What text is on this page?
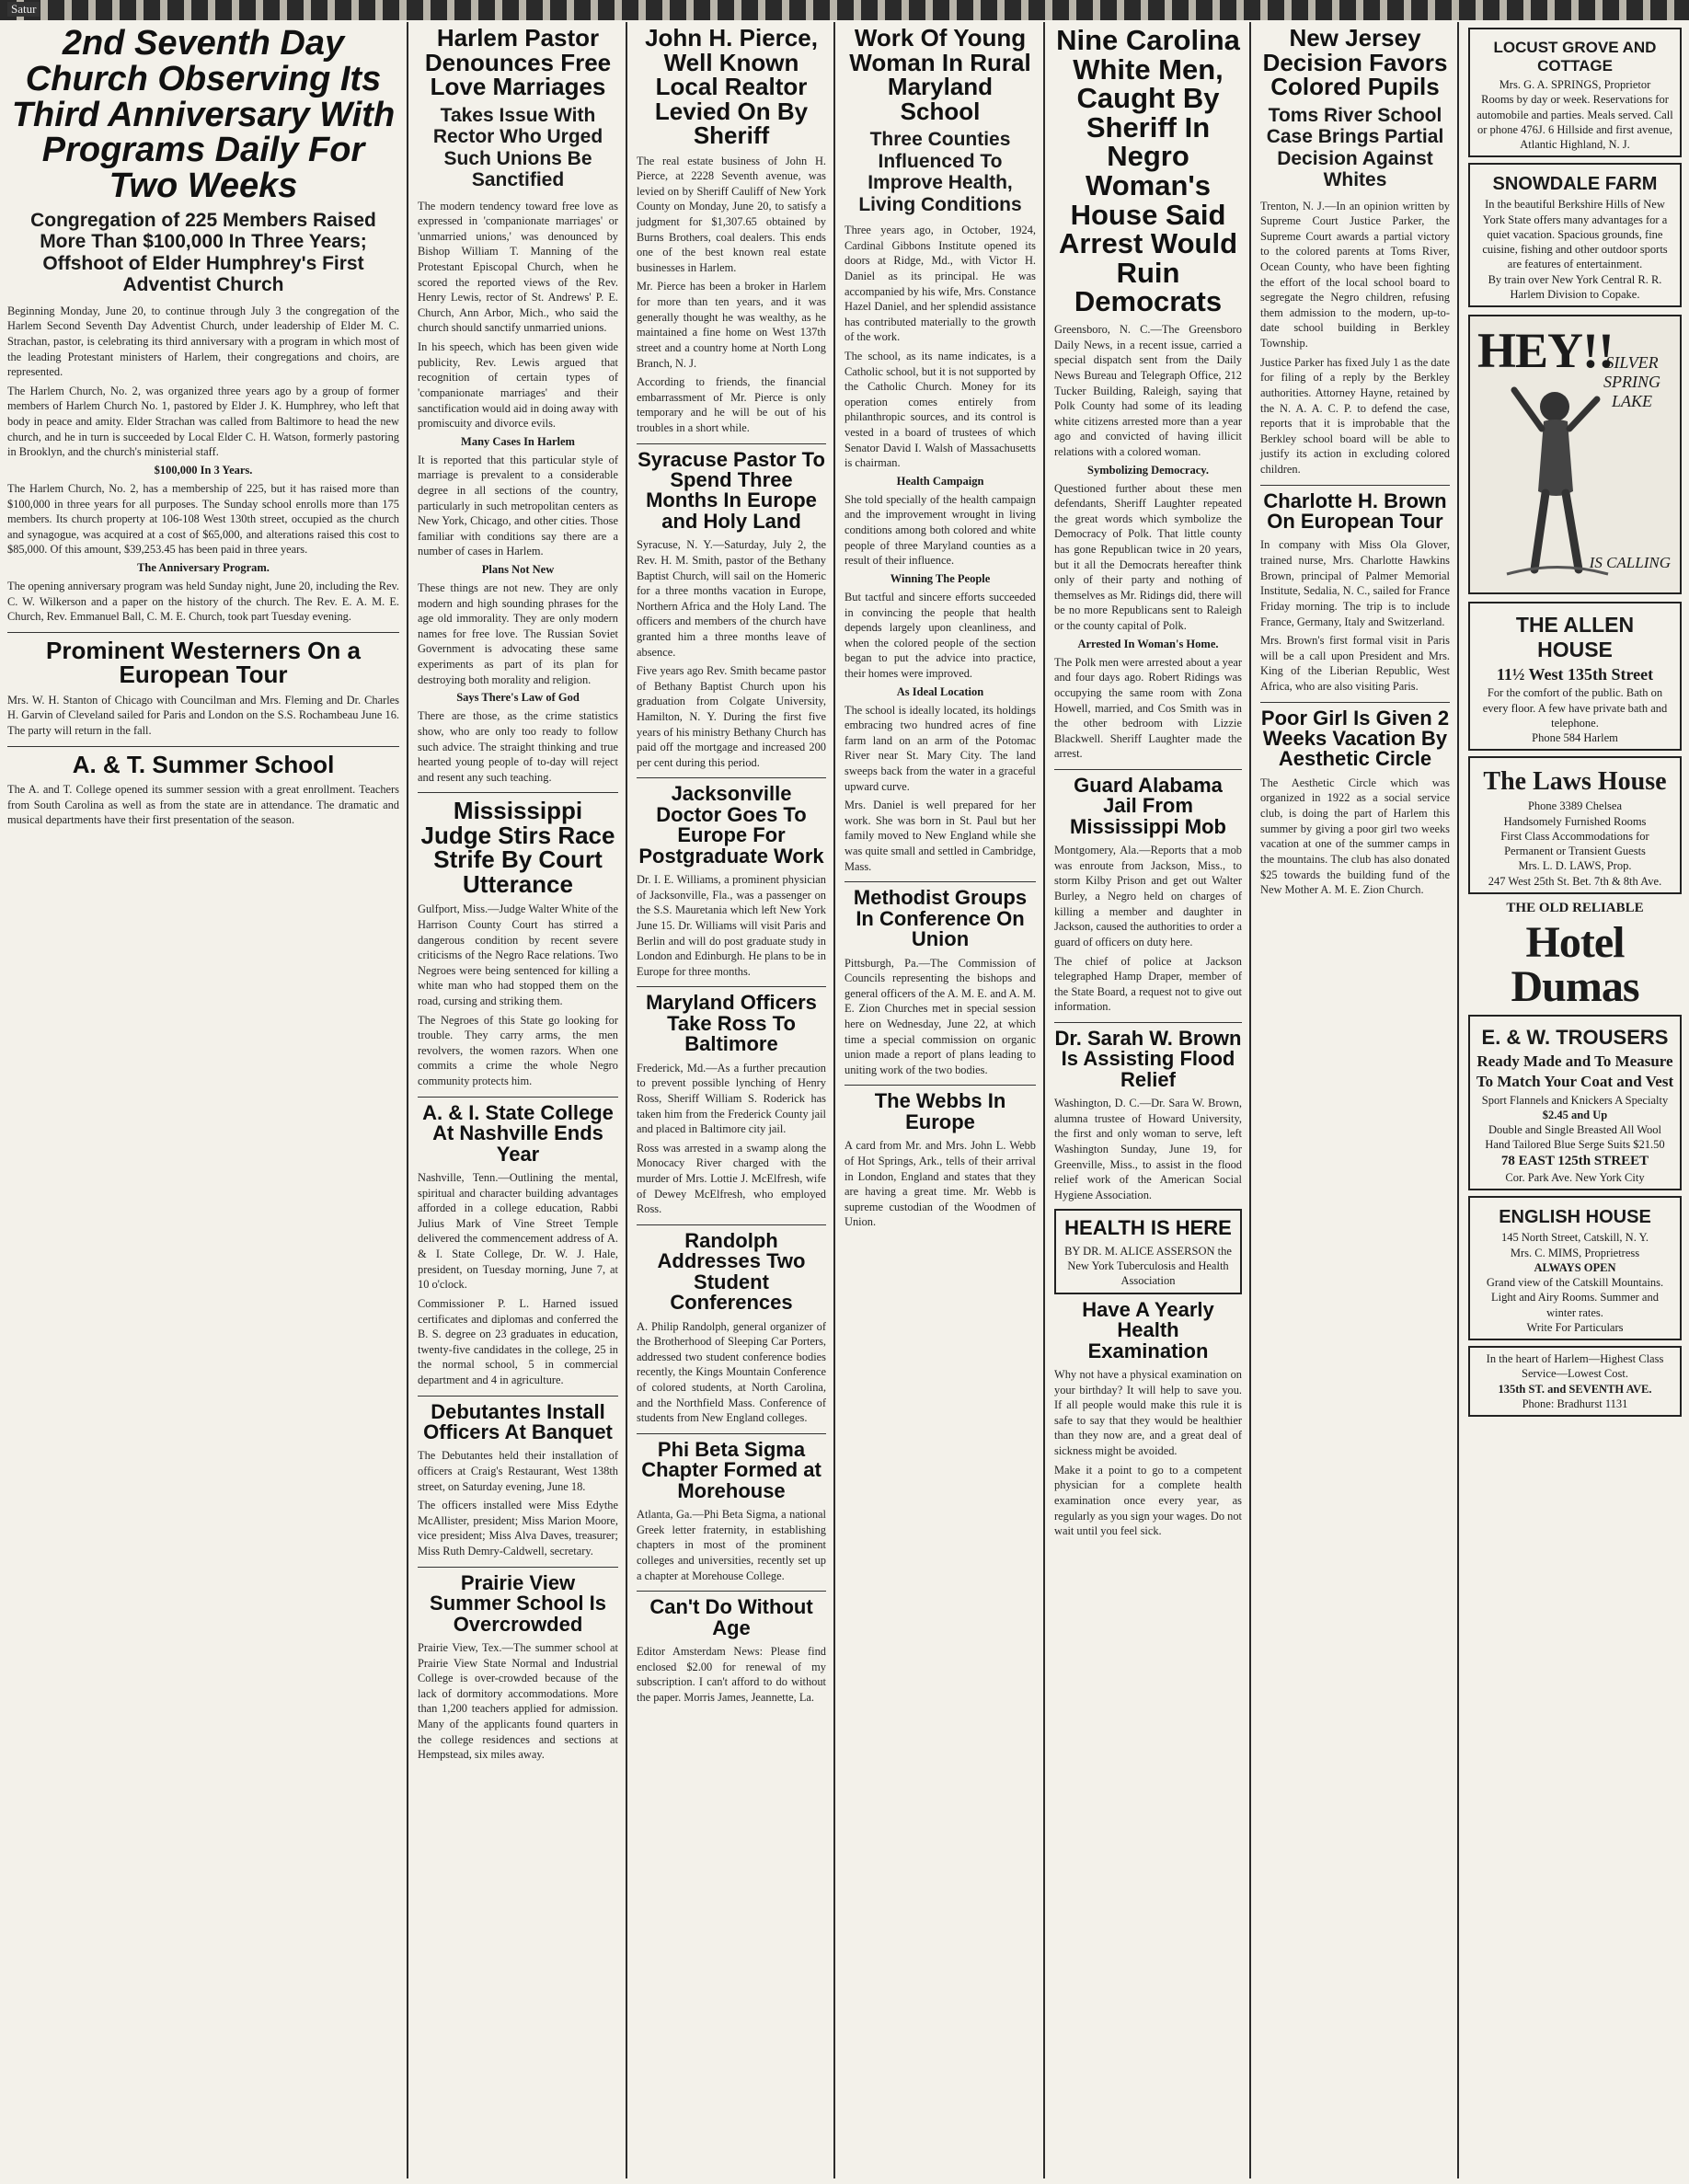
Satur
2nd Seventh Day Church Observing Its Third Anniversary With Programs Daily For Two Weeks
Congregation of 225 Members Raised More Than $100,000 In Three Years; Offshoot of Elder Humphrey's First Adventist Church

Beginning Monday, June 20, to continue through July 3 the congregation of the Harlem Second Seventh Day Adventist Church, under leadership of Elder M. C. Strachan, pastor, is celebrating its third anniversary with a program in which most of the leading Protestant ministers of Harlem, their congregations and choirs, are represented.

The Harlem Church, No. 2, was organized three years ago by a group of former members of Harlem Church No. 1, pastored by Elder J. K. Humphrey, who left that body in peace and amity. Elder Strachan was called from Baltimore to head the new church, and he in turn is succeeded by Local Elder C. H. Watson, formerly pastoring in Brooklyn, and the church's ministerial staff.

$100,000 In 3 Years.

The Harlem Church, No. 2, has a membership of 225, but it has raised more than $100,000 in three years for all purposes. The Sunday school enrolls more than 175 members. Its church property at 106-108 West 130th street, occupied as the church and synagogue, was acquired at a cost of $65,000, and alterations raised this cost to $85,000. Of this amount, $39,253.45 has been paid in three years.

The Anniversary Program.

The opening anniversary program was held Sunday night, June 20, including the Rev. C. W. Wilkerson and a paper on the history of the church. The Rev. E. A. M. E. Church, Rev. Emmanuel Ball, C. M. E. Church, took part Tuesday evening.

Prominent Westerners On a European Tour

Mrs. W. H. Stanton of Chicago with Councilman and Mrs. Fleming and Dr. Charles H. Garvin of Cleveland sailed for Paris and London on the S.S. Rochambeau June 16. The party will return in the fall.

A. & T. Summer School

The A. and T. College opened its summer session with a great enrollment. Teachers from South Carolina as well as from the state are in attendance. The dramatic and musical departments have their first presentation of the season.

Harlem Pastor Denounces Free Love Marriages
Takes Issue With Rector Who Urged Such Unions Be Sanctified

The modern tendency toward free love as expressed in 'companionate marriages' or 'unmarried unions,' was denounced by Bishop William T. Manning of the Protestant Episcopal Church, when he scored the reported views of the Rev. Henry Lewis, rector of St. Andrews' P. E. Church, Ann Arbor, Mich., who said the church should sanctify unmarried unions.

In his speech, which has been given wide publicity, Rev. Lewis argued that recognition of certain types of 'companionate marriages' and their sanctification would aid in doing away with promiscuity and divorce evils.

Many Cases In Harlem

It is reported that this particular style of marriage is prevalent to a considerable degree in all sections of the country, particularly in such metropolitan centers as New York, Chicago, and other cities. Those familiar with conditions say there are a number of cases in Harlem.

Plans Not New

These things are not new. They are only modern and high sounding phrases for the age old immorality. They are only modern names for free love. The Russian Soviet Government is advocating these same experiments as part of its plan for destroying both morality and religion.

Says There's Law of God

There are those, as the crime statistics show, who are only too ready to follow such advice. The straight thinking and true hearted young people of to-day will reject and resent any such teaching.

Mississippi Judge Stirs Race Strife By Court Utterance

Gulfport, Miss.—Judge Walter White of the Harrison County Court has stirred a dangerous condition by recent severe criticisms of the Negro Race relations. Two Negroes were being sentenced for killing a white man who had stopped them on the road, cursing and striking them.

The Negroes of this State go looking for trouble. They carry arms, the men revolvers, the women razors. When one commits a crime the whole Negro community protects him.

A. & I. State College At Nashville Ends Year

Nashville, Tenn.—Outlining the mental, spiritual and character building advantages afforded in a college education, Rabbi Julius Mark of Vine Street Temple delivered the commencement address of A. & I. State College, Dr. W. J. Hale, president, on Tuesday morning, June 7, at 10 o'clock.

Commissioner P. L. Harned issued certificates and diplomas and conferred the B. S. degree on 23 graduates in education, twenty-five candidates in the college, 25 in the normal school, 5 in commercial department and 4 in agriculture.

Debutantes Install Officers At Banquet

The Debutantes held their installation of officers at Craig's Restaurant, West 138th street, on Saturday evening, June 18.

The officers installed were Miss Edythe McAllister, president; Miss Marion Moore, vice president; Miss Alva Daves, treasurer; Miss Ruth Demry-Caldwell, secretary.

Prairie View Summer School Is Overcrowded

Prairie View, Tex.—The summer school at Prairie View State Normal and Industrial College is over-crowded because of the lack of dormitory accommodations. More than 1,200 teachers applied for admission. Many of the applicants found quarters in the college residences and sections at Hempstead, six miles away.

John H. Pierce, Well Known Local Realtor Levied On By Sheriff

The real estate business of John H. Pierce, at 2228 Seventh avenue, was levied on by Sheriff Cauliff of New York County on Monday, June 20, to satisfy a judgment for $1,307.65 obtained by Burns Brothers, coal dealers. This ends one of the best known real estate businesses in Harlem.

Mr. Pierce has been a broker in Harlem for more than ten years, and it was generally thought he was wealthy, as he maintained a fine home on West 137th street and a country home at North Long Branch, N. J.

According to friends, the financial embarrassment of Mr. Pierce is only temporary and he will be out of his troubles in a short while.

Syracuse Pastor To Spend Three Months In Europe and Holy Land

Syracuse, N. Y.—Saturday, July 2, the Rev. H. M. Smith, pastor of the Bethany Baptist Church, will sail on the Homeric for a three months vacation in Europe, Northern Africa and the Holy Land. The officers and members of the church have granted him a three months leave of absence.

Five years ago Rev. Smith became pastor of Bethany Baptist Church upon his graduation from Colgate University, Hamilton, N. Y. During the first five years of his ministry Bethany Church has paid off the mortgage and increased 200 per cent during this period.

Jacksonville Doctor Goes To Europe For Postgraduate Work

Dr. I. E. Williams, a prominent physician of Jacksonville, Fla., was a passenger on the S.S. Mauretania which left New York June 15. Dr. Williams will visit Paris and Berlin and will do post graduate study in London and Edinburgh. He plans to be in Europe for three months.

Maryland Officers Take Ross To Baltimore

Frederick, Md.—As a further precaution to prevent possible lynching of Henry Ross, Sheriff William S. Roderick has taken him from the Frederick County jail and placed in Baltimore city jail.

Ross was arrested in a swamp along the Monocacy River charged with the murder of Mrs. Lottie J. McElfresh, wife of Dewey McElfresh, who employed Ross.

Randolph Addresses Two Student Conferences

A. Philip Randolph, general organizer of the Brotherhood of Sleeping Car Porters, addressed two student conference bodies recently, the Kings Mountain Conference of colored students, at North Carolina, and the Northfield Mass. Conference of students from New England colleges.

Phi Beta Sigma Chapter Formed at Morehouse

Atlanta, Ga.—Phi Beta Sigma, a national Greek letter fraternity, in establishing chapters in most of the prominent colleges and universities, recently set up a chapter at Morehouse College.

Can't Do Without Age

Editor Amsterdam News: Please find enclosed $2.00 for renewal of my subscription. I can't afford to do without the paper. Morris James, Jeannette, La.

Work Of Young Woman In Rural Maryland School
Three Counties Influenced To Improve Health, Living Conditions

Three years ago, in October, 1924, Cardinal Gibbons Institute opened its doors at Ridge, Md., with Victor H. Daniel as its principal. He was accompanied by his wife, Mrs. Constance Hazel Daniel, and her splendid assistance has contributed materially to the growth of the work.

The school, as its name indicates, is a Catholic school, but it is not supported by the Catholic Church. Money for its operation comes entirely from philanthropic sources, and its control is vested in a board of trustees of which Senator David I. Walsh of Massachusetts is chairman.

Health Campaign

She told specially of the health campaign and the improvement wrought in living conditions among both colored and white people of three Maryland counties as a result of their influence.

Winning The People

But tactful and sincere efforts succeeded in convincing the people that health depends largely upon cleanliness, and when the colored people of the section began to put the advice into practice, their homes were improved.

As Ideal Location

The school is ideally located, its holdings embracing two hundred acres of fine farm land on an arm of the Potomac River near St. Mary City. The land sweeps back from the water in a graceful upward curve.

Mrs. Daniel is well prepared for her work. She was born in St. Paul but her family moved to New England while she was quite small and settled in Cambridge, Mass.

Methodist Groups In Conference On Union

Pittsburgh, Pa.—The Commission of Councils representing the bishops and general officers of the A. M. E. and A. M. E. Zion Churches met in special session here on Wednesday, June 22, at which time a special commission on organic union made a report of plans leading to uniting work of the two bodies.

The Webbs In Europe

A card from Mr. and Mrs. John L. Webb of Hot Springs, Ark., tells of their arrival in London, England and states that they are having a great time. Mr. Webb is supreme custodian of the Woodmen of Union.

Nine Carolina White Men, Caught By Sheriff In Negro Woman's House Said Arrest Would Ruin Democrats

Greensboro, N. C.—The Greensboro Daily News, in a recent issue, carried a special dispatch sent from the Daily News Bureau and Telegraph Office, 212 Tucker Building, Raleigh, saying that Polk County had some of its leading white citizens arrested more than a year ago and convicted of having illicit relations with a colored woman.

Symbolizing Democracy.

Questioned further about these men defendants, Sheriff Laughter repeated the great words which symbolize the Democracy of Polk. That little county has gone Republican twice in 20 years, but it all the Democrats hereafter think only of their party and nothing of themselves as Mr. Ridings did, there will be no more Republicans sent to Raleigh or the county capital of Polk.

Arrested In Woman's Home.

The Polk men were arrested about a year and four days ago. Robert Ridings was occupying the same room with Zona Howell, married, and Cos Smith was in the other bedroom with Lizzie Blackwell. Sheriff Laughter made the arrest.

Guard Alabama Jail From Mississippi Mob

Montgomery, Ala.—Reports that a mob was enroute from Jackson, Miss., to storm Kilby Prison and get out Walter Burley, a Negro held on charges of killing a member and daughter in Jackson, caused the authorities to order a guard of officers on duty here.

The chief of police at Jackson telegraphed Hamp Draper, member of the State Board, a request not to give out information.

Dr. Sarah W. Brown Is Assisting Flood Relief

Washington, D. C.—Dr. Sara W. Brown, alumna trustee of Howard University, the first and only woman to serve, left Washington Sunday, June 19, for Greenville, Miss., to assist in the flood relief work of the American Social Hygiene Association.

HEALTH IS HERE
BY DR. M. ALICE ASSERSON the New York Tuberculosis and Health Association
Have A Yearly Health Examination

Why not have a physical examination on your birthday? It will help to save you. If all people would make this rule it is safe to say that they would be healthier than they now are, and a great deal of sickness might be avoided.

Make it a point to go to a competent physician for a complete health examination once every year, as regularly as you sign your wages. Do not wait until you feel sick.

New Jersey Decision Favors Colored Pupils
Toms River School Case Brings Partial Decision Against Whites

Trenton, N. J.—In an opinion written by Supreme Court Justice Parker, the Supreme Court awards a partial victory to the colored parents at Toms River, Ocean County, who have been fighting the effort of the local school board to segregate the Negro children, refusing them admission to the modern, up-to-date school building in Berkley Township.

Justice Parker has fixed July 1 as the date for filing of a reply by the Berkley authorities. Attorney Hayne, retained by the N. A. A. C. P. to defend the case, reports that it is improbable that the Berkley school board will be able to justify its action in excluding colored children.

Charlotte H. Brown On European Tour

In company with Miss Ola Glover, trained nurse, Mrs. Charlotte Hawkins Brown, principal of Palmer Memorial Institute, Sedalia, N. C., sailed for France Friday morning. The trip is to include France, Germany, Italy and Switzerland.

Mrs. Brown's first formal visit in Paris will be a call upon President and Mrs. King of the Liberian Republic, West Africa, who are also visiting Paris.

Poor Girl Is Given 2 Weeks Vacation By Aesthetic Circle

The Aesthetic Circle which was organized in 1922 as a social service club, is doing the part of Harlem this summer by giving a poor girl two weeks vacation at one of the summer camps in the mountains. The club has also donated $25 towards the building fund of the New Mother A. M. E. Zion Church.

LOCUST GROVE AND COTTAGE

Mrs. G. A. SPRINGS, Proprietor

Rooms by day or week. Reservations for automobile and parties. Meals served. Call or phone 476J. 6 Hillside and first avenue, Atlantic Highland, N. J.

SNOWDALE FARM

In the beautiful Berkshire Hills of New York State offers many advantages for a quiet vacation. Spacious grounds, fine cuisine, fishing and other outdoor sports are features of entertainment.

By train over New York Central R. R. Harlem Division to Copake.

HEY!!
SILVER SPRING LAKE
IS CALLING
THE ALLEN HOUSE
11½ West 135th Street

For the comfort of the public. Bath on every floor. A few have private bath and telephone.

Phone 584 Harlem

The Laws House

Phone 3389 Chelsea

Handsomely Furnished Rooms

First Class Accommodations for Permanent or Transient Guests

Mrs. L. D. LAWS, Prop.

247 West 25th St. Bet. 7th & 8th Ave.

THE OLD RELIABLE
Hotel Dumas
E. & W. TROUSERS
Ready Made and To Measure To Match Your Coat and Vest

Sport Flannels and Knickers A Specialty

$2.45 and Up

Double and Single Breasted All Wool Hand Tailored Blue Serge Suits $21.50

78 EAST 125th STREET

Cor. Park Ave. New York City

ENGLISH HOUSE

145 North Street, Catskill, N. Y.

Mrs. C. MIMS, Proprietress

ALWAYS OPEN

Grand view of the Catskill Mountains. Light and Airy Rooms. Summer and winter rates.

Write For Particulars

In the heart of Harlem—Highest Class Service—Lowest Cost.

135th ST. and SEVENTH AVE.

Phone: Bradhurst 1131
